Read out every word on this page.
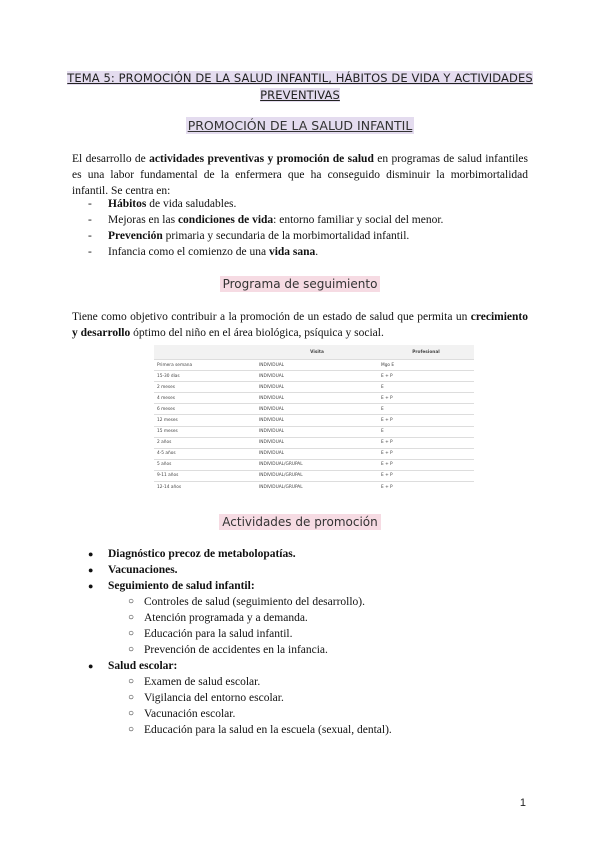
TEMA 5: PROMOCIÓN DE LA SALUD INFANTIL, HÁBITOS DE VIDA Y ACTIVIDADES PREVENTIVAS
PROMOCIÓN DE LA SALUD INFANTIL
El desarrollo de actividades preventivas y promoción de salud en programas de salud infantiles es una labor fundamental de la enfermera que ha conseguido disminuir la morbimortalidad infantil. Se centra en:
- Hábitos de vida saludables.
- Mejoras en las condiciones de vida: entorno familiar y social del menor.
- Prevención primaria y secundaria de la morbimortalidad infantil.
- Infancia como el comienzo de una vida sana.
Programa de seguimiento
Tiene como objetivo contribuir a la promoción de un estado de salud que permita un crecimiento y desarrollo óptimo del niño en el área biológica, psíquica y social.
	Visita	Profesional
Primera semana	INDIVIDUAL	Mgo E
15-30 días	INDIVIDUAL	E + P
2 meses	INDIVIDUAL	E
4 meses	INDIVIDUAL	E + P
6 meses	INDIVIDUAL	E
12 meses	INDIVIDUAL	E + P
15 meses	INDIVIDUAL	E
2 años	INDIVIDUAL	E + P
4-5 años	INDIVIDUAL	E + P
5 años	INDIVIDUAL/GRUPAL	E + P
9-11 años	INDIVIDUAL/GRUPAL	E + P
12-14 años	INDIVIDUAL/GRUPAL	E + P
Actividades de promoción
● Diagnóstico precoz de metabolopatías.
● Vacunaciones.
● Seguimiento de salud infantil:
○ Controles de salud (seguimiento del desarrollo).
○ Atención programada y a demanda.
○ Educación para la salud infantil.
○ Prevención de accidentes en la infancia.
● Salud escolar:
○ Examen de salud escolar.
○ Vigilancia del entorno escolar.
○ Vacunación escolar.
○ Educación para la salud en la escuela (sexual, dental).
1
